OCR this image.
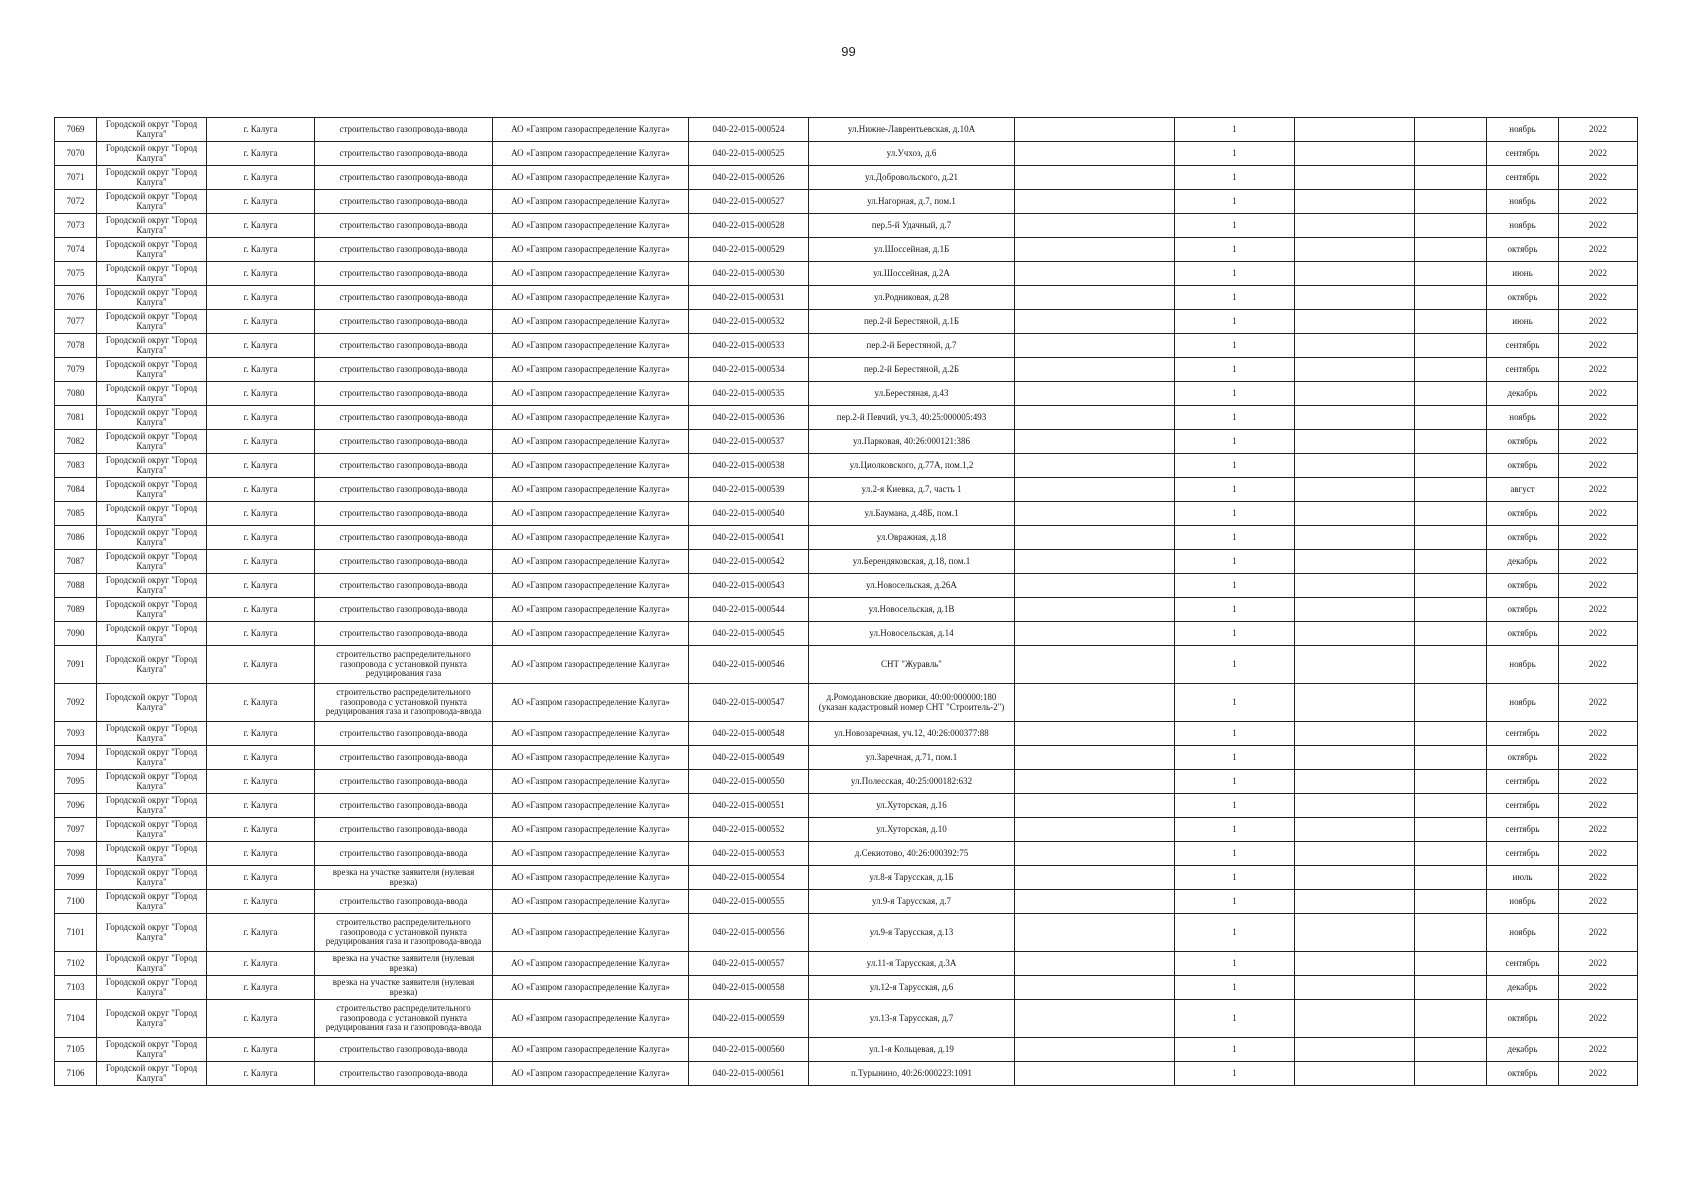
99
7069	Городской округ "Город Калуга"	г. Калуга	строительство газопровода-ввода	АО «Газпром газораспределение Калуга»	040-22-015-000524	ул.Нижне-Лаврентьевская, д.10А		1			ноябрь	2022
7070	Городской округ "Город Калуга"	г. Калуга	строительство газопровода-ввода	АО «Газпром газораспределение Калуга»	040-22-015-000525	ул.Учхоз, д.6		1			сентябрь	2022
7071	Городской округ "Город Калуга"	г. Калуга	строительство газопровода-ввода	АО «Газпром газораспределение Калуга»	040-22-015-000526	ул.Добровольского, д.21		1			сентябрь	2022
7072	Городской округ "Город Калуга"	г. Калуга	строительство газопровода-ввода	АО «Газпром газораспределение Калуга»	040-22-015-000527	ул.Нагорная, д.7, пом.1		1			ноябрь	2022
7073	Городской округ "Город Калуга"	г. Калуга	строительство газопровода-ввода	АО «Газпром газораспределение Калуга»	040-22-015-000528	пер.5-й Удачный, д.7		1			ноябрь	2022
7074	Городской округ "Город Калуга"	г. Калуга	строительство газопровода-ввода	АО «Газпром газораспределение Калуга»	040-22-015-000529	ул.Шоссейная, д.1Б		1			октябрь	2022
7075	Городской округ "Город Калуга"	г. Калуга	строительство газопровода-ввода	АО «Газпром газораспределение Калуга»	040-22-015-000530	ул.Шоссейная, д.2А		1			июнь	2022
7076	Городской округ "Город Калуга"	г. Калуга	строительство газопровода-ввода	АО «Газпром газораспределение Калуга»	040-22-015-000531	ул.Родниковая, д.28		1			октябрь	2022
7077	Городской округ "Город Калуга"	г. Калуга	строительство газопровода-ввода	АО «Газпром газораспределение Калуга»	040-22-015-000532	пер.2-й Берестяной, д.1Б		1			июнь	2022
7078	Городской округ "Город Калуга"	г. Калуга	строительство газопровода-ввода	АО «Газпром газораспределение Калуга»	040-22-015-000533	пер.2-й Берестяной, д.7		1			сентябрь	2022
7079	Городской округ "Город Калуга"	г. Калуга	строительство газопровода-ввода	АО «Газпром газораспределение Калуга»	040-22-015-000534	пер.2-й Берестяной, д.2Б		1			сентябрь	2022
7080	Городской округ "Город Калуга"	г. Калуга	строительство газопровода-ввода	АО «Газпром газораспределение Калуга»	040-22-015-000535	ул.Берестяная, д.43		1			декабрь	2022
7081	Городской округ "Город Калуга"	г. Калуга	строительство газопровода-ввода	АО «Газпром газораспределение Калуга»	040-22-015-000536	пер.2-й Певчий, уч.3, 40:25:000005:493		1			ноябрь	2022
7082	Городской округ "Город Калуга"	г. Калуга	строительство газопровода-ввода	АО «Газпром газораспределение Калуга»	040-22-015-000537	ул.Парковая, 40:26:000121:386		1			октябрь	2022
7083	Городской округ "Город Калуга"	г. Калуга	строительство газопровода-ввода	АО «Газпром газораспределение Калуга»	040-22-015-000538	ул.Циолковского, д.77А, пом.1,2		1			октябрь	2022
7084	Городской округ "Город Калуга"	г. Калуга	строительство газопровода-ввода	АО «Газпром газораспределение Калуга»	040-22-015-000539	ул.2-я Киевка, д.7, часть 1		1			август	2022
7085	Городской округ "Город Калуга"	г. Калуга	строительство газопровода-ввода	АО «Газпром газораспределение Калуга»	040-22-015-000540	ул.Баумана, д.48Б, пом.1		1			октябрь	2022
7086	Городской округ "Город Калуга"	г. Калуга	строительство газопровода-ввода	АО «Газпром газораспределение Калуга»	040-22-015-000541	ул.Овражная, д.18		1			октябрь	2022
7087	Городской округ "Город Калуга"	г. Калуга	строительство газопровода-ввода	АО «Газпром газораспределение Калуга»	040-22-015-000542	ул.Берендяковская, д.18, пом.1		1			декабрь	2022
7088	Городской округ "Город Калуга"	г. Калуга	строительство газопровода-ввода	АО «Газпром газораспределение Калуга»	040-22-015-000543	ул.Новосельская, д.26А		1			октябрь	2022
7089	Городской округ "Город Калуга"	г. Калуга	строительство газопровода-ввода	АО «Газпром газораспределение Калуга»	040-22-015-000544	ул.Новосельская, д.1В		1			октябрь	2022
7090	Городской округ "Город Калуга"	г. Калуга	строительство газопровода-ввода	АО «Газпром газораспределение Калуга»	040-22-015-000545	ул.Новосельская, д.14		1			октябрь	2022
7091	Городской округ "Город Калуга"	г. Калуга	строительство распределительного газопровода с установкой пункта редуцирования газа	АО «Газпром газораспределение Калуга»	040-22-015-000546	СНТ "Журавль"		1			ноябрь	2022
7092	Городской округ "Город Калуга"	г. Калуга	строительство распределительного газопровода с установкой пункта редуцирования газа и газопровода-ввода	АО «Газпром газораспределение Калуга»	040-22-015-000547	д.Ромодановские дворики, 40:00:000000:180 (указан кадастровый номер СНТ "Строитель-2")		1			ноябрь	2022
7093	Городской округ "Город Калуга"	г. Калуга	строительство газопровода-ввода	АО «Газпром газораспределение Калуга»	040-22-015-000548	ул.Новозаречная, уч.12, 40:26:000377:88		1			сентябрь	2022
7094	Городской округ "Город Калуга"	г. Калуга	строительство газопровода-ввода	АО «Газпром газораспределение Калуга»	040-22-015-000549	ул.Заречная, д.71, пом.1		1			октябрь	2022
7095	Городской округ "Город Калуга"	г. Калуга	строительство газопровода-ввода	АО «Газпром газораспределение Калуга»	040-22-015-000550	ул.Полесская, 40:25:000182:632		1			сентябрь	2022
7096	Городской округ "Город Калуга"	г. Калуга	строительство газопровода-ввода	АО «Газпром газораспределение Калуга»	040-22-015-000551	ул.Хуторская, д.16		1			сентябрь	2022
7097	Городской округ "Город Калуга"	г. Калуга	строительство газопровода-ввода	АО «Газпром газораспределение Калуга»	040-22-015-000552	ул.Хуторская, д.10		1			сентябрь	2022
7098	Городской округ "Город Калуга"	г. Калуга	строительство газопровода-ввода	АО «Газпром газораспределение Калуга»	040-22-015-000553	д.Секиотово, 40:26:000392:75		1			сентябрь	2022
7099	Городской округ "Город Калуга"	г. Калуга	врезка на участке заявителя (нулевая врезка)	АО «Газпром газораспределение Калуга»	040-22-015-000554	ул.8-я Тарусская, д.1Б		1			июль	2022
7100	Городской округ "Город Калуга"	г. Калуга	строительство газопровода-ввода	АО «Газпром газораспределение Калуга»	040-22-015-000555	ул.9-я Тарусская, д.7		1			ноябрь	2022
7101	Городской округ "Город Калуга"	г. Калуга	строительство распределительного газопровода с установкой пункта редуцирования газа и газопровода-ввода	АО «Газпром газораспределение Калуга»	040-22-015-000556	ул.9-я Тарусская, д.13		1			ноябрь	2022
7102	Городской округ "Город Калуга"	г. Калуга	врезка на участке заявителя (нулевая врезка)	АО «Газпром газораспределение Калуга»	040-22-015-000557	ул.11-я Тарусская, д.3А		1			сентябрь	2022
7103	Городской округ "Город Калуга"	г. Калуга	врезка на участке заявителя (нулевая врезка)	АО «Газпром газораспределение Калуга»	040-22-015-000558	ул.12-я Тарусская, д.6		1			декабрь	2022
7104	Городской округ "Город Калуга"	г. Калуга	строительство распределительного газопровода с установкой пункта редуцирования газа и газопровода-ввода	АО «Газпром газораспределение Калуга»	040-22-015-000559	ул.13-я Тарусская, д.7		1			октябрь	2022
7105	Городской округ "Город Калуга"	г. Калуга	строительство газопровода-ввода	АО «Газпром газораспределение Калуга»	040-22-015-000560	ул.1-я Кольцевая, д.19		1			декабрь	2022
7106	Городской округ "Город Калуга"	г. Калуга	строительство газопровода-ввода	АО «Газпром газораспределение Калуга»	040-22-015-000561	п.Турынино, 40:26:000223:1091		1			октябрь	2022
